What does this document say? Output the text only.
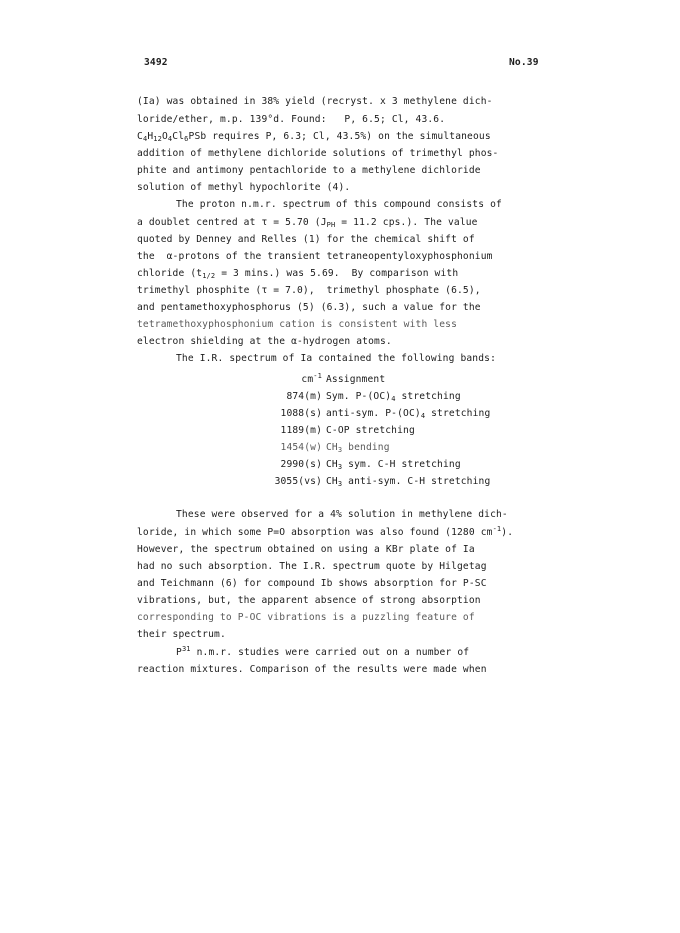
3492	No.39
(Ia) was obtained in 38% yield (recryst. x 3 methylene dich-
loride/ether, m.p. 139°d. Found:   P, 6.5; Cl, 43.6.
$C_4H_{12}O_4Cl_6PSb$ requires P, 6.3; Cl, 43.5%) on the simultaneous
addition of methylene dichloride solutions of trimethyl phos-
phite and antimony pentachloride to a methylene dichloride
solution of methyl hypochlorite (4).
The proton n.m.r. spectrum of this compound consists of
a doublet centred at τ = 5.70 ($J_{PH} = 11.2$ cps.). The value
quoted by Denney and Relles (1) for the chemical shift of
the  α-protons of the transient tetraneopentyloxyphosphonium
chloride ($t_{1/2} = 3$ mins.) was 5.69.  By comparison with
trimethyl phosphite (τ = 7.0),  trimethyl phosphate (6.5),
and pentamethoxyphosphorus (5) (6.3), such a value for the
tetramethoxyphosphonium cation is consistent with less
electron shielding at the α-hydrogen atoms.
The I.R. spectrum of Ia contained the following bands:
$cm^{-1}$ Assignment
874(m) Sym. $P-(OC)_4$ stretching
1088(s) anti-sym. $P-(OC)_4$ stretching
1189(m) C-OP stretching
1454(w) $CH_3$ bending
2990(s) $CH_3$ sym. C-H stretching
3055(vs) $CH_3$ anti-sym. C-H stretching
These were observed for a 4% solution in methylene dich-
loride, in which some P=O absorption was also found (1280 $cm^{-1}$).
However, the spectrum obtained on using a KBr plate of Ia
had no such absorption. The I.R. spectrum quote by Hilgetag
and Teichmann (6) for compound Ib shows absorption for P-SC
vibrations, but, the apparent absence of strong absorption
corresponding to P-OC vibrations is a puzzling feature of
their spectrum.
$P^{31}$ n.m.r. studies were carried out on a number of
reaction mixtures. Comparison of the results were made when
